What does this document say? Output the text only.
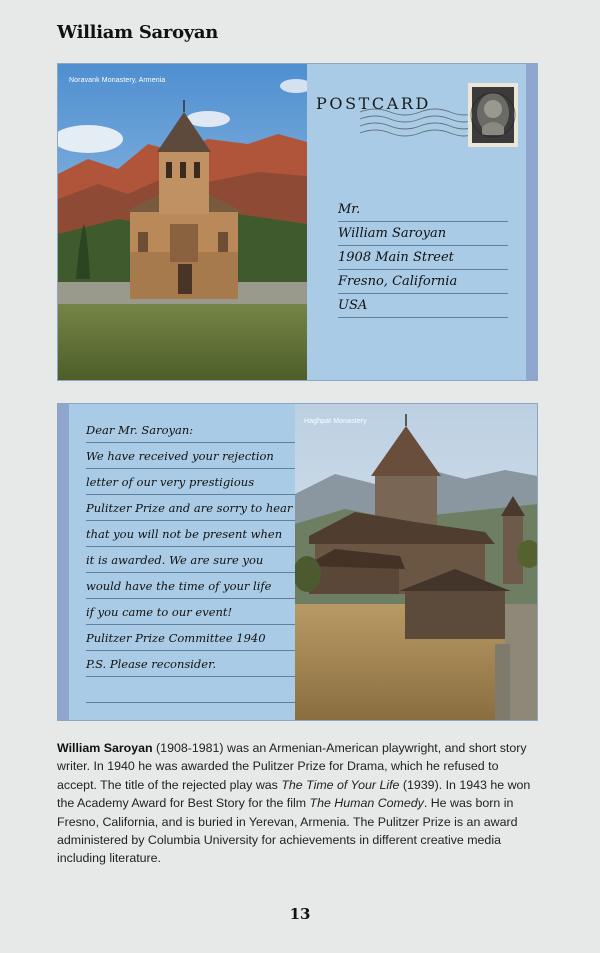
William Saroyan
Noravank Monastery, Armenia
POSTCARD
Mr.
William Saroyan
1908 Main Street
Fresno, California
USA
Dear Mr. Saroyan:
We have received your rejection
letter of our very prestigious
Pulitzer Prize and are sorry to hear
that you will not be present when
it is awarded. We are sure you
would have the time of your life
if you came to our event!
Pulitzer Prize Committee 1940
P.S. Please reconsider.
Haghpat Monastery
William Saroyan (1908-1981) was an Armenian-American playwright, and short story writer. In 1940 he was awarded the Pulitzer Prize for Drama, which he refused to accept. The title of the rejected play was The Time of Your Life (1939). In 1943 he won the Academy Award for Best Story for the film The Human Comedy. He was born in Fresno, California, and is buried in Yerevan, Armenia. The Pulitzer Prize is an award administered by Columbia University for achievements in different creative media including literature.
13
